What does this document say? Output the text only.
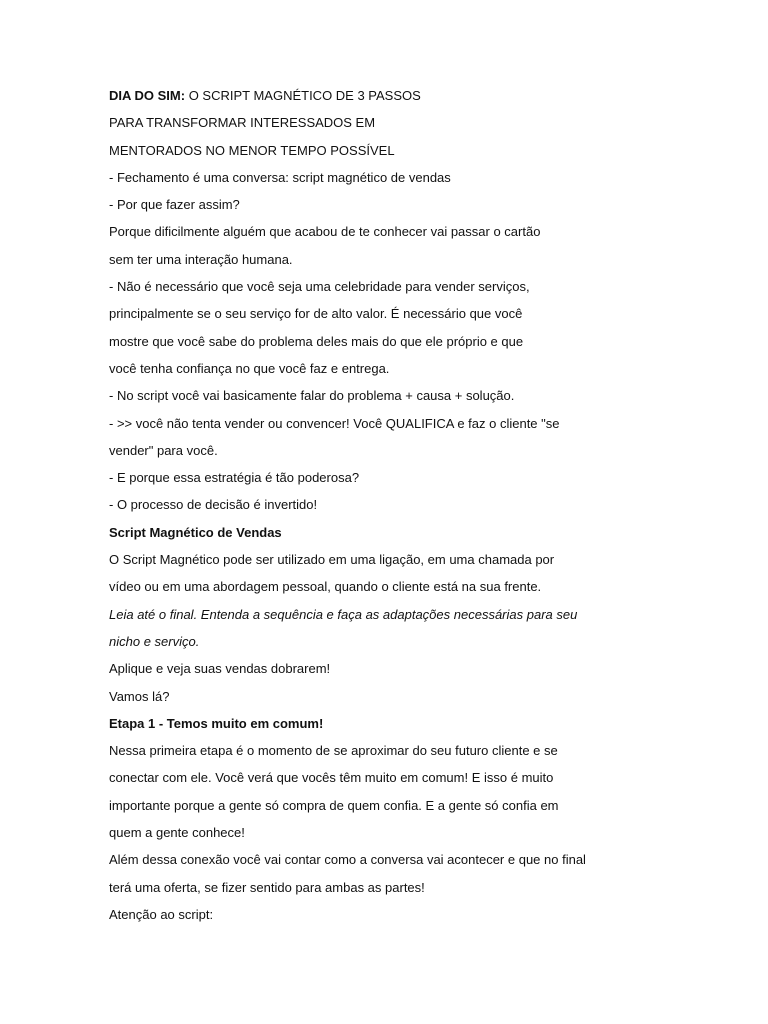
DIA DO SIM: O SCRIPT MAGNÉTICO DE 3 PASSOS
PARA TRANSFORMAR INTERESSADOS EM
MENTORADOS NO MENOR TEMPO POSSÍVEL
- Fechamento é uma conversa: script magnético de vendas
- Por que fazer assim?
Porque dificilmente alguém que acabou de te conhecer vai passar o cartão
sem ter uma interação humana.
- Não é necessário que você seja uma celebridade para vender serviços,
principalmente se o seu serviço for de alto valor. É necessário que você
mostre que você sabe do problema deles mais do que ele próprio e que
você tenha confiança no que você faz e entrega.
- No script você vai basicamente falar do problema + causa + solução.
- >> você não tenta vender ou convencer! Você QUALIFICA e faz o cliente "se
vender" para você.
- E porque essa estratégia é tão poderosa?
- O processo de decisão é invertido!
Script Magnético de Vendas
O Script Magnético pode ser utilizado em uma ligação, em uma chamada por
vídeo ou em uma abordagem pessoal, quando o cliente está na sua frente.
Leia até o final. Entenda a sequência e faça as adaptações necessárias para seu
nicho e serviço.
Aplique e veja suas vendas dobrarem!
Vamos lá?
Etapa 1 - Temos muito em comum!
Nessa primeira etapa é o momento de se aproximar do seu futuro cliente e se
conectar com ele. Você verá que vocês têm muito em comum! E isso é muito
importante porque a gente só compra de quem confia. E a gente só confia em
quem a gente conhece!
Além dessa conexão você vai contar como a conversa vai acontecer e que no final
terá uma oferta, se fizer sentido para ambas as partes!
Atenção ao script:
